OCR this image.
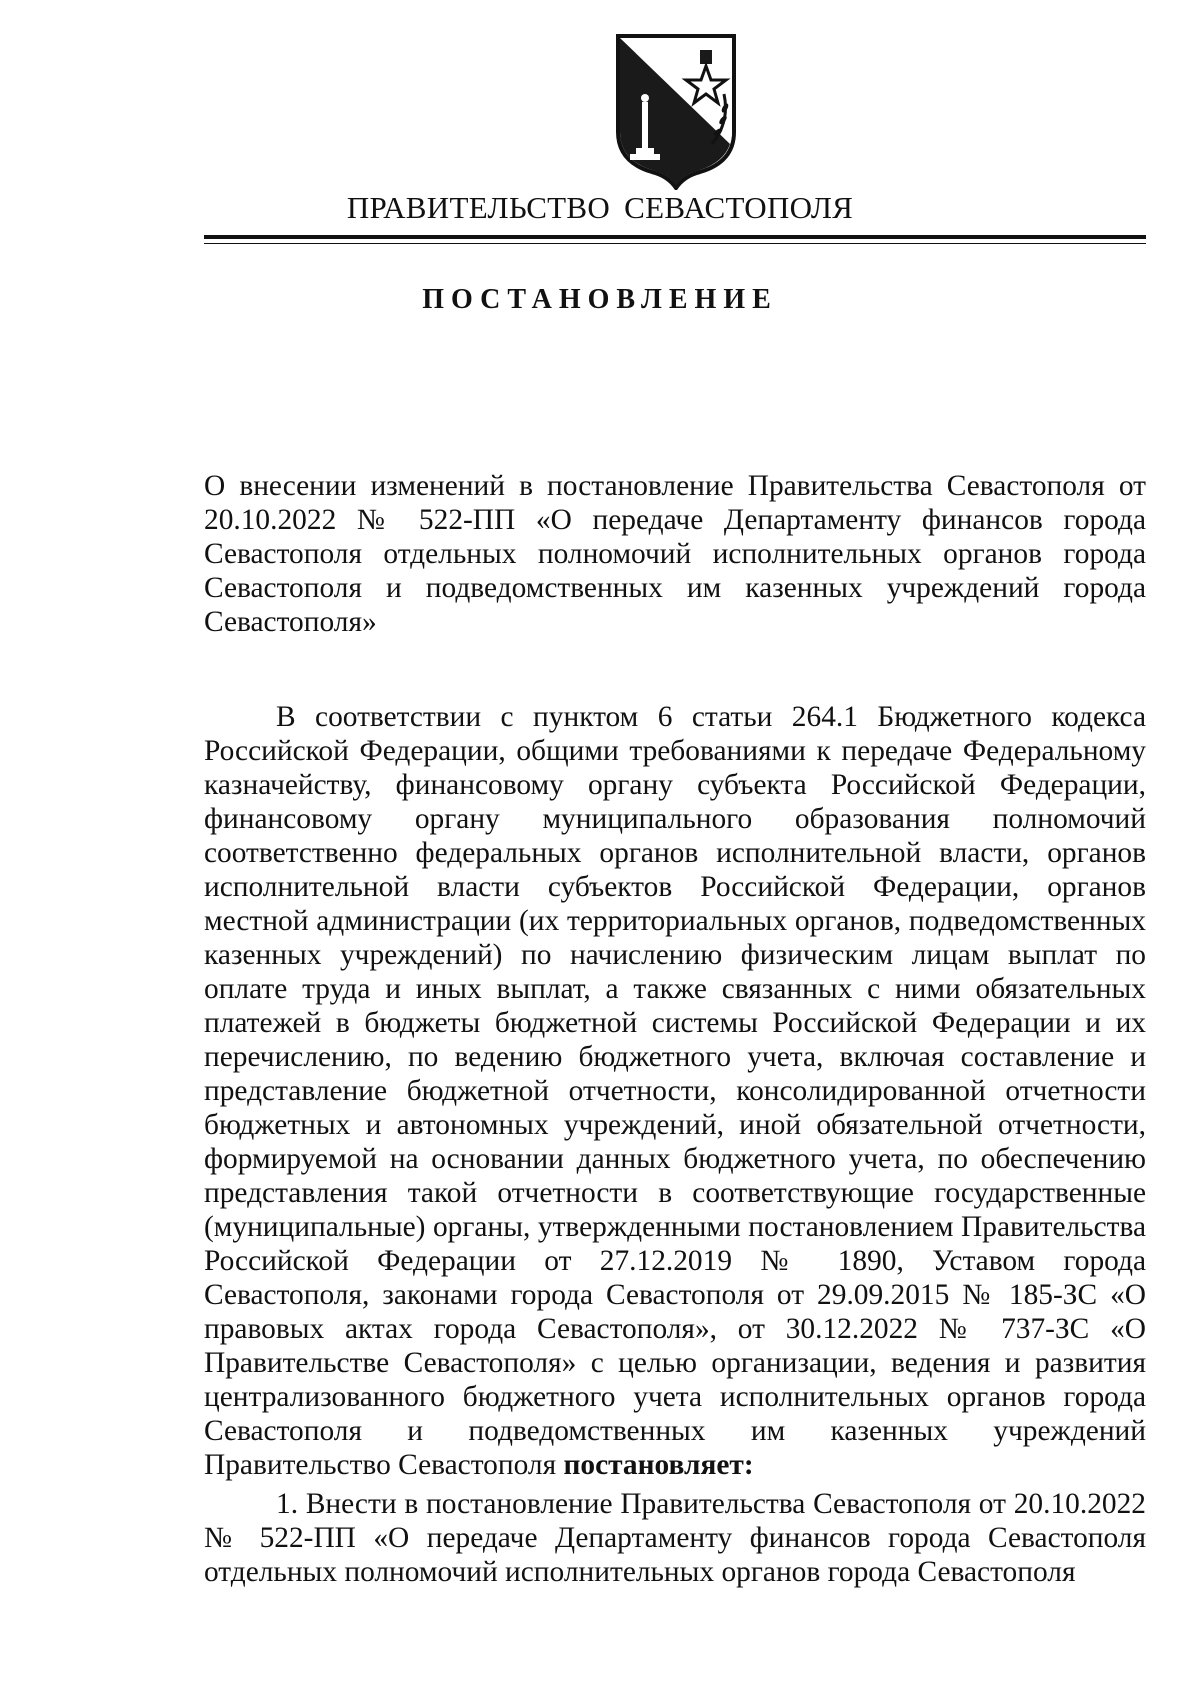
ПРАВИТЕЛЬСТВО СЕВАСТОПОЛЯ
ПОСТАНОВЛЕНИЕ

О внесении изменений в постановление Правительства Севастополя от 20.10.2022 № 522-ПП «О передаче Департаменту финансов города Севастополя отдельных полномочий исполнительных органов города Севастополя и подведомственных им казенных учреждений города Севастополя»

В соответствии с пунктом 6 статьи 264.1 Бюджетного кодекса Российской Федерации, общими требованиями к передаче Федеральному казначейству, финансовому органу субъекта Российской Федерации, финансовому органу муниципального образования полномочий соответственно федеральных органов исполнительной власти, органов исполнительной власти субъектов Российской Федерации, органов местной администрации (их территориальных органов, подведомственных казенных учреждений) по начислению физическим лицам выплат по оплате труда и иных выплат, а также связанных с ними обязательных платежей в бюджеты бюджетной системы Российской Федерации и их перечислению, по ведению бюджетного учета, включая составление и представление бюджетной отчетности, консолидированной отчетности бюджетных и автономных учреждений, иной обязательной отчетности, формируемой на основании данных бюджетного учета, по обеспечению представления такой отчетности в соответствующие государственные (муниципальные) органы, утвержденными постановлением Правительства Российской Федерации от 27.12.2019 № 1890, Уставом города Севастополя, законами города Севастополя от 29.09.2015 № 185-ЗС «О правовых актах города Севастополя», от 30.12.2022 № 737-ЗС «О Правительстве Севастополя» с целью организации, ведения и развития централизованного бюджетного учета исполнительных органов города Севастополя и подведомственных им казенных учреждений Правительство Севастополя постановляет:

1. Внести в постановление Правительства Севастополя от 20.10.2022 № 522-ПП «О передаче Департаменту финансов города Севастополя отдельных полномочий исполнительных органов города Севастополя
